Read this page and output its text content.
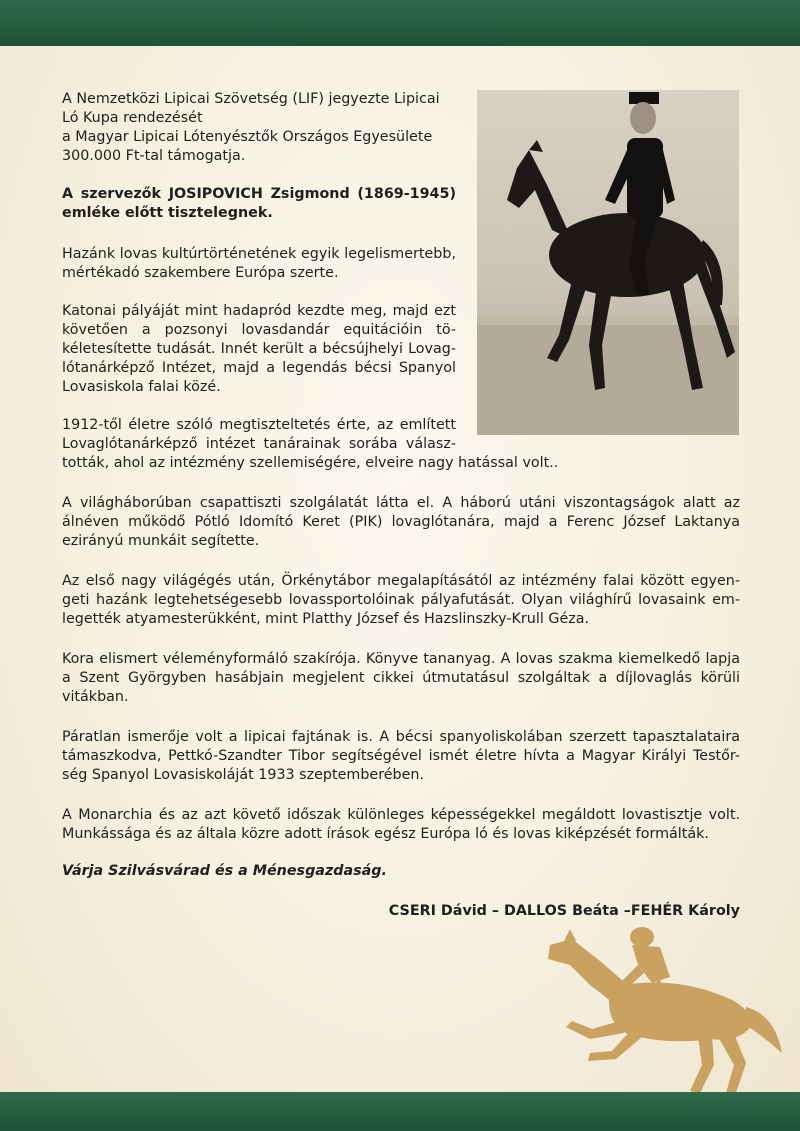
A Nemzetközi Lipicai Szövetség (LIF) jegyezte Lipicai
Ló Kupa rendezését
a Magyar Lipicai Lótenyésztők Országos Egyesülete
300.000 Ft-tal támogatja.

A szervezők JOSIPOVICH Zsigmond (1869-1945) emléke előtt tisztelegnek.

Hazánk lovas kultúrtörténetének egyik legelismertebb, mértékadó szakembere Európa szerte.

Katonai pályáját mint hadapród kezdte meg, majd ezt követően a pozsonyi lovasdandár equitációin tö-kéletesítette tudását. Innét került a bécsújhelyi Lovag-lótanárképző Intézet, majd a legendás bécsi Spanyol Lovasiskola falai közé.

1912-től életre szóló megtiszteltetés érte, az említett Lovaglótanárképző intézet tanárainak sorába válasz-

tották, ahol az intézmény szellemiségére, elveire nagy hatással volt..

A világháborúban csapattiszti szolgálatát látta el. A háború utáni viszontagságok alatt az álnéven működő Pótló Idomító Keret (PIK) lovaglótanára, majd a Ferenc József Laktanya ezirányú munkáit segítette.

Az első nagy világégés után, Örkénytábor megalapításától az intézmény falai között egyen-geti hazánk legtehetségesebb lovassportolóinak pályafutását. Olyan világhírű lovasaink em-legették atyamesterükként, mint Platthy József és Hazslinszky-Krull Géza.

Kora elismert véleményformáló szakírója. Könyve tananyag. A lovas szakma kiemelkedő lapja a Szent Györgyben hasábjain megjelent cikkei útmutatásul szolgáltak a díjlovaglás körüli vitákban.

Páratlan ismerője volt a lipicai fajtának is. A bécsi spanyoliskolában szerzett tapasztalataira támaszkodva, Pettkó-Szandter Tibor segítségével ismét életre hívta a Magyar Királyi Testőr-ség Spanyol Lovasiskoláját 1933 szeptemberében.

A Monarchia és az azt követő időszak különleges képességekkel megáldott lovastisztje volt. Munkássága és az általa közre adott írások egész Európa ló és lovas kiképzését formálták.

Várja Szilvásvárad és a Ménesgazdaság.

CSERI Dávid – DALLOS Beáta –FEHÉR Károly
